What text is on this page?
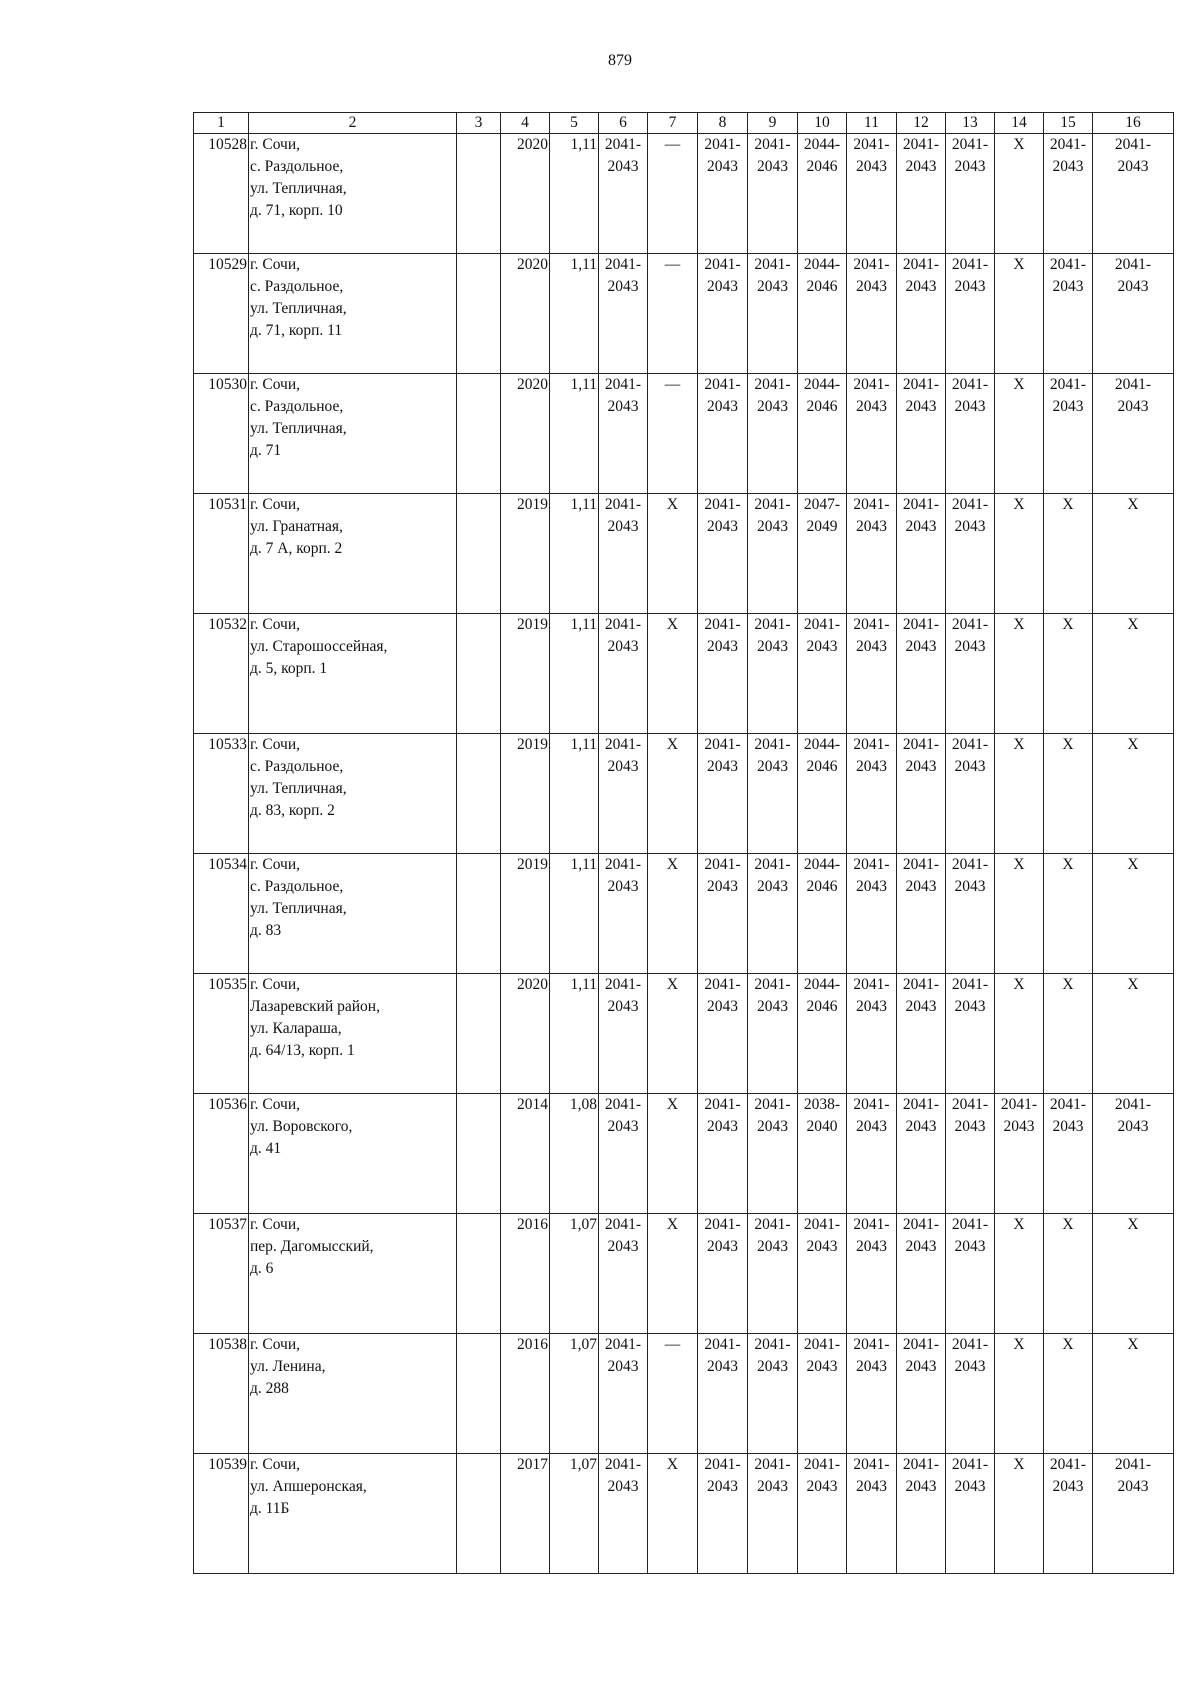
879
1	2	3	4	5	6	7	8	9	10	11	12	13	14	15	16
10528	г. Сочи,
с. Раздольное,
ул. Тепличная,
д. 71, корп. 10		2020	1,11	2041-
2043	—	2041-
2043	2041-
2043	2044-
2046	2041-
2043	2041-
2043	2041-
2043	Х	2041-
2043	2041-
2043

10529	г. Сочи,
с. Раздольное,
ул. Тепличная,
д. 71, корп. 11		2020	1,11	2041-
2043	—	2041-
2043	2041-
2043	2044-
2046	2041-
2043	2041-
2043	2041-
2043	Х	2041-
2043	2041-
2043

10530	г. Сочи,
с. Раздольное,
ул. Тепличная,
д. 71		2020	1,11	2041-
2043	—	2041-
2043	2041-
2043	2044-
2046	2041-
2043	2041-
2043	2041-
2043	Х	2041-
2043	2041-
2043

10531	г. Сочи,
ул. Гранатная,
д. 7 А, корп. 2		2019	1,11	2041-
2043	Х	2041-
2043	2041-
2043	2047-
2049	2041-
2043	2041-
2043	2041-
2043	Х	Х	Х
10532	г. Сочи,
ул. Старошоссейная,
д. 5, корп. 1		2019	1,11	2041-
2043	Х	2041-
2043	2041-
2043	2041-
2043	2041-
2043	2041-
2043	2041-
2043	Х	Х	Х
10533	г. Сочи,
с. Раздольное,
ул. Тепличная,
д. 83, корп. 2		2019	1,11	2041-
2043	Х	2041-
2043	2041-
2043	2044-
2046	2041-
2043	2041-
2043	2041-
2043	Х	Х	Х
10534	г. Сочи,
с. Раздольное,
ул. Тепличная,
д. 83		2019	1,11	2041-
2043	Х	2041-
2043	2041-
2043	2044-
2046	2041-
2043	2041-
2043	2041-
2043	Х	Х	Х
10535	г. Сочи,
Лазаревский район,
ул. Калараша,
д. 64/13, корп. 1		2020	1,11	2041-
2043	Х	2041-
2043	2041-
2043	2044-
2046	2041-
2043	2041-
2043	2041-
2043	Х	Х	Х
10536	г. Сочи,
ул. Воровского,
д. 41		2014	1,08	2041-
2043	Х	2041-
2043	2041-
2043	2038-
2040	2041-
2043	2041-
2043	2041-
2043	2041-
2043	2041-
2043	2041-
2043

10537	г. Сочи,
пер. Дагомысский,
д. 6		2016	1,07	2041-
2043	Х	2041-
2043	2041-
2043	2041-
2043	2041-
2043	2041-
2043	2041-
2043	Х	Х	Х
10538	г. Сочи,
ул. Ленина,
д. 288		2016	1,07	2041-
2043	—	2041-
2043	2041-
2043	2041-
2043	2041-
2043	2041-
2043	2041-
2043	Х	Х	Х
10539	г. Сочи,
ул. Апшеронская,
д. 11Б		2017	1,07	2041-
2043	Х	2041-
2043	2041-
2043	2041-
2043	2041-
2043	2041-
2043	2041-
2043	Х	2041-
2043	2041-
2043
